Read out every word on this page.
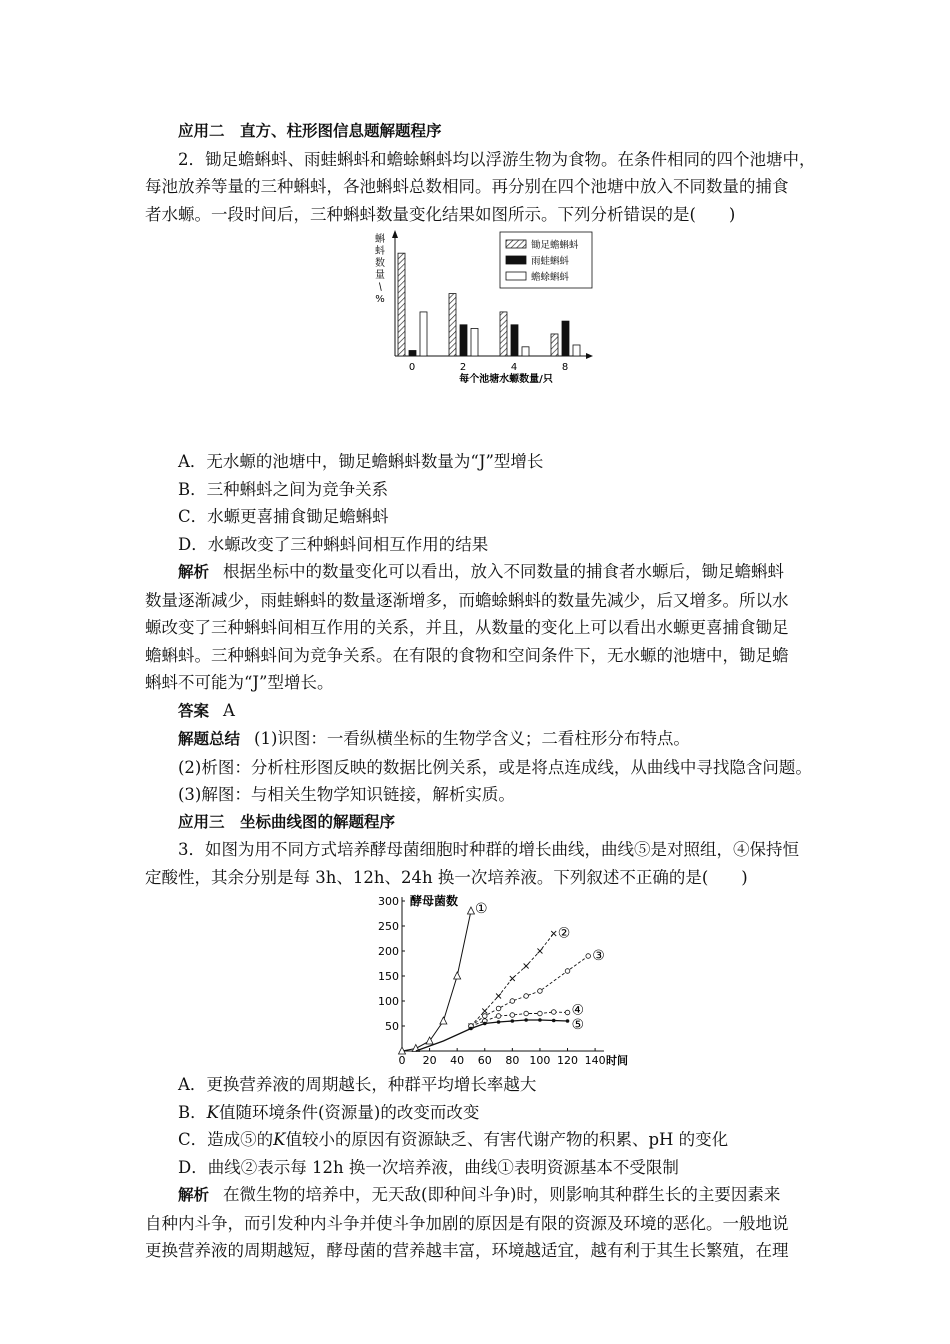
应用二　直方、柱形图信息题解题程序
2．锄足蟾蝌蚪、雨蛙蝌蚪和蟾蜍蝌蚪均以浮游生物为食物。在条件相同的四个池塘中，
每池放养等量的三种蝌蚪，各池蝌蚪总数相同。再分别在四个池塘中放入不同数量的捕食
者水螈。一段时间后，三种蝌蚪数量变化结果如图所示。下列分析错误的是(　　)
蝌
蚪
数
量
/
%
0	2	4	8
每个池塘水螈数量/只
锄足蟾蝌蚪
雨蛙蝌蚪
蟾蜍蝌蚪
A．无水螈的池塘中，锄足蟾蝌蚪数量为“J”型增长
B．三种蝌蚪之间为竞争关系
C．水螈更喜捕食锄足蟾蝌蚪
D．水螈改变了三种蝌蚪间相互作用的结果
解析 根据坐标中的数量变化可以看出，放入不同数量的捕食者水螈后，锄足蟾蝌蚪
数量逐渐减少，雨蛙蝌蚪的数量逐渐增多，而蟾蜍蝌蚪的数量先减少，后又增多。所以水
螈改变了三种蝌蚪间相互作用的关系，并且，从数量的变化上可以看出水螈更喜捕食锄足
蟾蝌蚪。三种蝌蚪间为竞争关系。在有限的食物和空间条件下，无水螈的池塘中，锄足蟾
蝌蚪不可能为“J”型增长。
答案 A
解题总结 (1)识图：一看纵横坐标的生物学含义；二看柱形分布特点。
(2)析图：分析柱形图反映的数据比例关系，或是将点连成线，从曲线中寻找隐含问题。
(3)解图：与相关生物学知识链接，解析实质。
应用三　坐标曲线图的解题程序
3．如图为用不同方式培养酵母菌细胞时种群的增长曲线，曲线⑤是对照组，④保持恒
定酸性，其余分别是每 3h、12h、24h 换一次培养液。下列叙述不正确的是(　　)
50
100
150
200
250
300
0 20 40 60 80 100 120 140 时间
酵母菌数 ①
②
③
④
⑤
A．更换营养液的周期越长，种群平均增长率越大
B．K值随环境条件(资源量)的改变而改变
C．造成⑤的K值较小的原因有资源缺乏、有害代谢产物的积累、pH 的变化
D．曲线②表示每 12h 换一次培养液，曲线①表明资源基本不受限制
解析 在微生物的培养中，无天敌(即种间斗争)时，则影响其种群生长的主要因素来
自种内斗争，而引发种内斗争并使斗争加剧的原因是有限的资源及环境的恶化。一般地说
更换营养液的周期越短，酵母菌的营养越丰富，环境越适宜，越有利于其生长繁殖，在理
